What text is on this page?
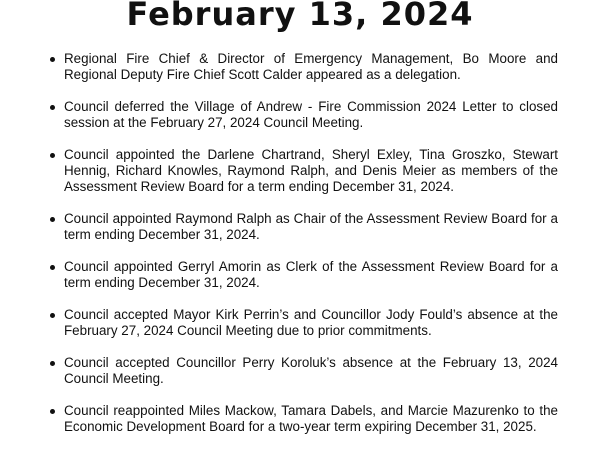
February 13, 2024
Regional Fire Chief & Director of Emergency Management, Bo Moore and Regional Deputy Fire Chief Scott Calder appeared as a delegation.
Council deferred the Village of Andrew - Fire Commission 2024 Letter to closed session at the February 27, 2024 Council Meeting.
Council appointed the Darlene Chartrand, Sheryl Exley, Tina Groszko, Stewart Hennig, Richard Knowles, Raymond Ralph, and Denis Meier as members of the Assessment Review Board for a term ending December 31, 2024.
Council appointed Raymond Ralph as Chair of the Assessment Review Board for a term ending December 31, 2024.
Council appointed Gerryl Amorin as Clerk of the Assessment Review Board for a term ending December 31, 2024.
Council accepted Mayor Kirk Perrin’s and Councillor Jody Fould’s absence at the February 27, 2024 Council Meeting due to prior commitments.
Council accepted Councillor Perry Koroluk’s absence at the February 13, 2024 Council Meeting.
Council reappointed Miles Mackow, Tamara Dabels, and Marcie Mazurenko to the Economic Development Board for a two-year term expiring December 31, 2025.
